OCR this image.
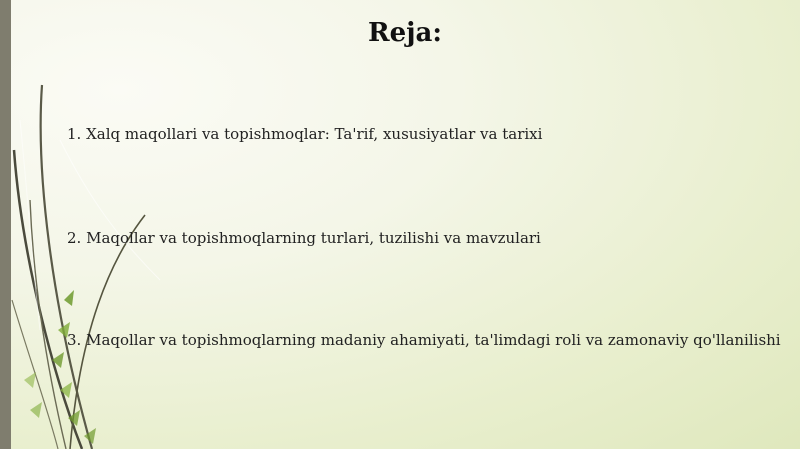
Reja:

1. Xalq maqollari va topishmoqlar: Ta'rif, xususiyatlar va tarixi

2. Maqollar va topishmoqlarning turlari, tuzilishi va mavzulari

3. Maqollar va topishmoqlarning madaniy ahamiyati, ta'limdagi roli va zamonaviy qo'llanilishi
